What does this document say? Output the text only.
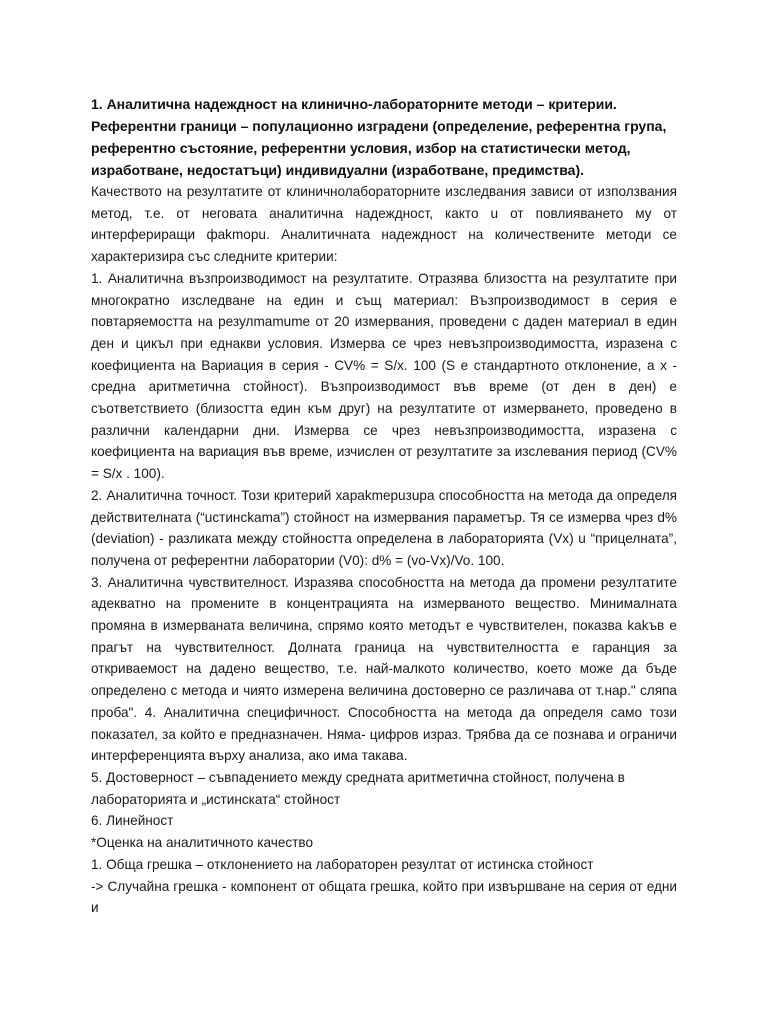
1. Аналитична надеждност на клинично-лабораторните методи – критерии.
Референтни граници – популационно изградени (определение, референтна група,
референтно състояние, референтни условия, избор на статистически метод,
изработване, недостатъци) индивидуални (изработване, предимства).

Качеството на резултатите от клиничнолабораторните изследвания зависи от използвания метод, т.е. от неговата аналитична надеждност, както u от повлияването му от интерфериращи фakmopu. Аналитичната надеждност на количествените методи се характеризира със следните критерии:

1. Аналитична възпроизводимост на резултатите. Отразява близостта на резултатите при многократно изследване на един и същ материал: Възпроизводимост в серия е повтаряемостта на резулmamume от 20 измервания, проведени с даден материал в един ден и цикъл при еднакви условия. Измерва се чрез невъзпроизводимостта, изразена с коефициента на Вариация в серия - CV% = S/x. 100 (S е стандартното отклонение, а x - средна аритметична стойност). Възпроизводимост във време (от ден в ден) е съответствието (близостта един към друг) на резултатите от измерването, проведено в различни календарни дни. Измерва се чрез невъзпроизводимостта, изразена с коефициента на вариация във време, изчислен от резултатите за изслевания период (CV% = S/x . 100).

2. Аналитична точност. Този критерий харakmepuзupa способността на метода да определя действителната (“ucтинckama”) стойност на измервания параметър. Тя се измерва чрез d% (deviation) - разликата между стойността определена в лабораторията (Vx) u “прицелната”, получена от референтни лаборатории (V0): d% = (vo-Vx)/Vo. 100.

3. Аналитична чувствителност. Изразява способността на метода да промени резултатите адекватно на промените в концентрацията на измерваното вещество. Минималната промяна в измерваната величина, спрямо която методът е чувствителен, показва kakъв е прагът на чувствителност. Долната граница на чувствителността е гаранция за откриваемост на дадено вещество, т.е. най-малкото количество, което може да бъде определено с метода и чиято измерена величина достоверно се различава от т.нар." сляпа проба". 4. Аналитична специфичност. Способността на метода да определя само този показател, за който е предназначен. Няма- цифров израз. Трябва да се познава и ограничи интерференцията върху анализа, ако има такава.

5. Достоверност – съвпадението между средната аритметична стойност, получена в лабораторията и „истинската“ стойност

6. Линейност

*Оценка на аналитичното качество

1. Обща грешка – отклонението на лабораторен резултат от истинска стойност

-> Случайна грешка - компонент от общата грешка, който при извършване на серия от едни и
